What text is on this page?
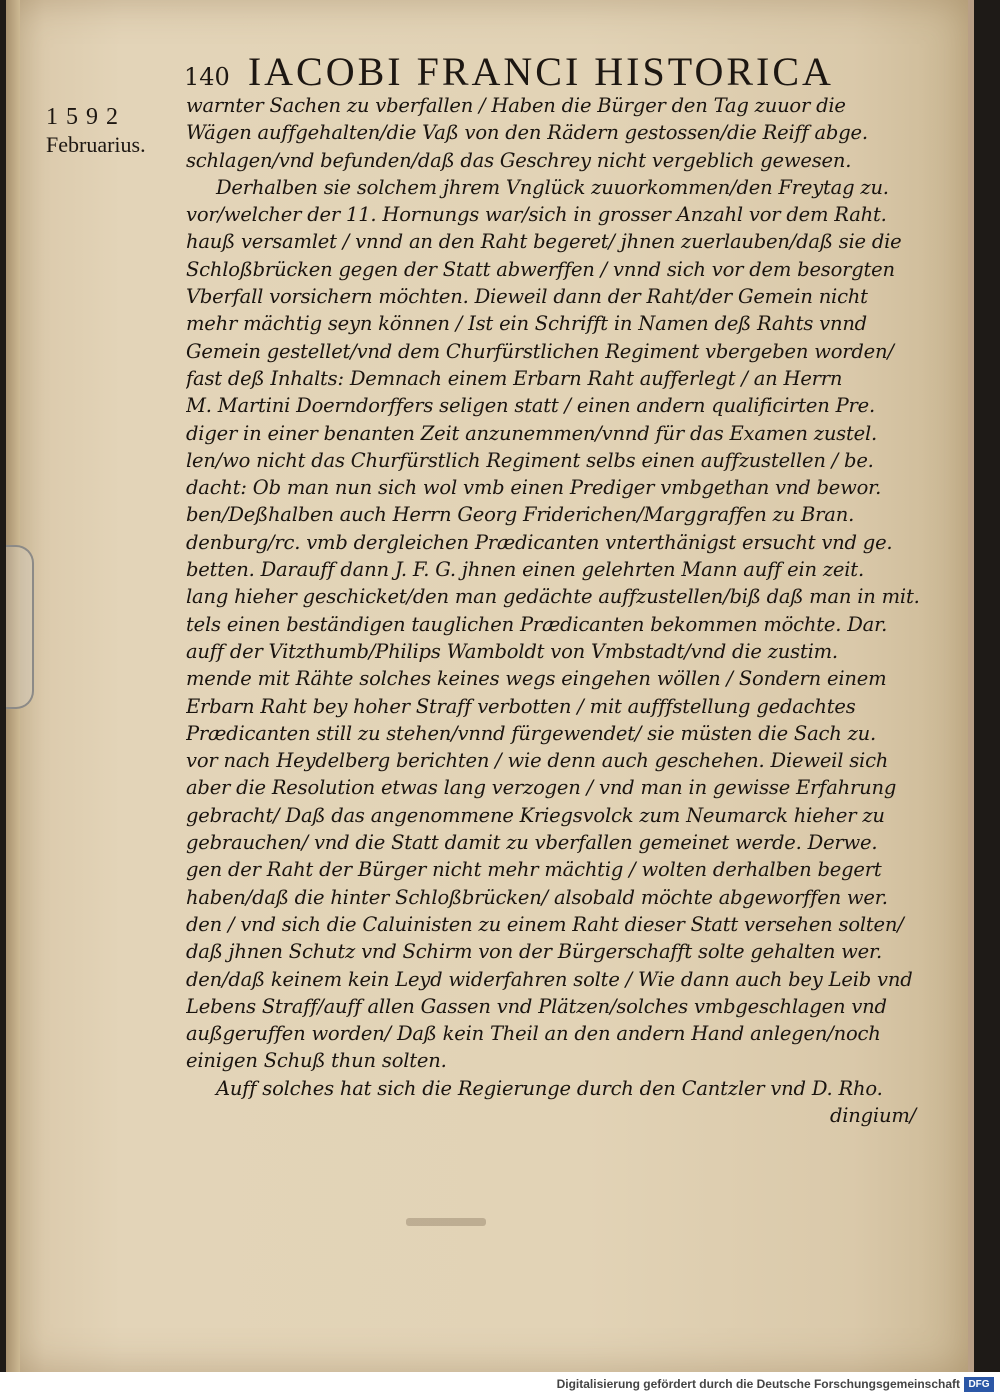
140 IACOBI FRANCI HISTORICA
1592
Februarius.
warnter Sachen zu vberfallen / Haben die Bürger den Tag zuuor die
Wägen auffgehalten/die Vaß von den Rädern gestossen/die Reiff abge.
schlagen/vnd befunden/daß das Geschrey nicht vergeblich gewesen.
Derhalben sie solchem jhrem Vnglück zuuorkommen/den Freytag zu.
vor/welcher der 11. Hornungs war/sich in grosser Anzahl vor dem Raht.
hauß versamlet / vnnd an den Raht begeret/ jhnen zuerlauben/daß sie die
Schloßbrücken gegen der Statt abwerffen / vnnd sich vor dem besorgten
Vberfall vorsichern möchten. Dieweil dann der Raht/der Gemein nicht
mehr mächtig seyn können / Ist ein Schrifft in Namen deß Rahts vnnd
Gemein gestellet/vnd dem Churfürstlichen Regiment vbergeben worden/
fast deß Inhalts: Demnach einem Erbarn Raht aufferlegt / an Herrn
M. Martini Doerndorffers seligen statt / einen andern qualificirten Pre.
diger in einer benanten Zeit anzunemmen/vnnd für das Examen zustel.
len/wo nicht das Churfürstlich Regiment selbs einen auffzustellen / be.
dacht: Ob man nun sich wol vmb einen Prediger vmbgethan vnd bewor.
ben/Deßhalben auch Herrn Georg Friderichen/Marggraffen zu Bran.
denburg/rc. vmb dergleichen Prædicanten vnterthänigst ersucht vnd ge.
betten. Darauff dann J. F. G. jhnen einen gelehrten Mann auff ein zeit.
lang hieher geschicket/den man gedächte auffzustellen/biß daß man in mit.
tels einen beständigen tauglichen Prædicanten bekommen möchte. Dar.
auff der Vitzthumb/Philips Wamboldt von Vmbstadt/vnd die zustim.
mende mit Rähte solches keines wegs eingehen wöllen / Sondern einem
Erbarn Raht bey hoher Straff verbotten / mit aufffstellung gedachtes
Prædicanten still zu stehen/vnnd fürgewendet/ sie müsten die Sach zu.
vor nach Heydelberg berichten / wie denn auch geschehen. Dieweil sich
aber die Resolution etwas lang verzogen / vnd man in gewisse Erfahrung
gebracht/ Daß das angenommene Kriegsvolck zum Neumarck hieher zu
gebrauchen/ vnd die Statt damit zu vberfallen gemeinet werde. Derwe.
gen der Raht der Bürger nicht mehr mächtig / wolten derhalben begert
haben/daß die hinter Schloßbrücken/ alsobald möchte abgeworffen wer.
den / vnd sich die Caluinisten zu einem Raht dieser Statt versehen solten/
daß jhnen Schutz vnd Schirm von der Bürgerschafft solte gehalten wer.
den/daß keinem kein Leyd widerfahren solte / Wie dann auch bey Leib vnd
Lebens Straff/auff allen Gassen vnd Plätzen/solches vmbgeschlagen vnd
außgeruffen worden/ Daß kein Theil an den andern Hand anlegen/noch
einigen Schuß thun solten.
Auff solches hat sich die Regierunge durch den Cantzler vnd D. Rho.
dingium/
Digitalisierung gefördert durch die Deutsche Forschungsgemeinschaft DFG
